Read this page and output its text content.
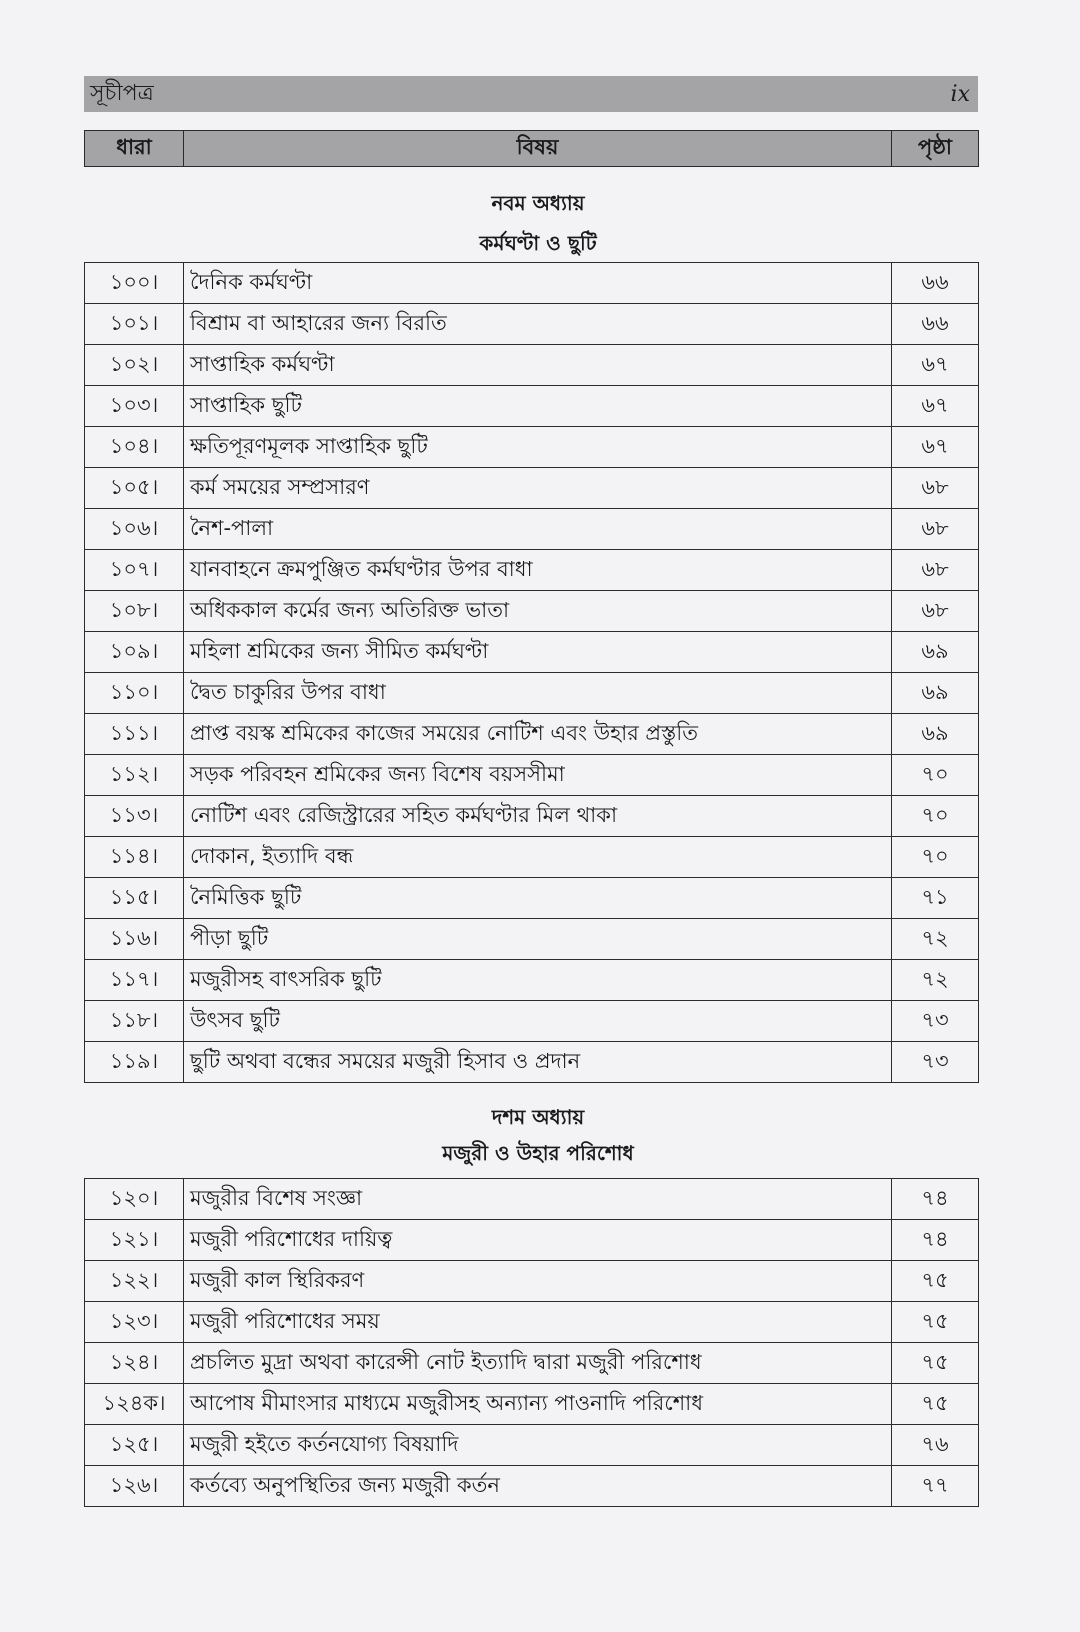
সূচীপত্র	ix
ধারা	বিষয়	পৃষ্ঠা
নবম অধ্যায়
কর্মঘণ্টা ও ছুটি
১০০।	দৈনিক কর্মঘণ্টা	৬৬
১০১।	বিশ্রাম বা আহারের জন্য বিরতি	৬৬
১০২।	সাপ্তাহিক কর্মঘণ্টা	৬৭
১০৩।	সাপ্তাহিক ছুটি	৬৭
১০৪।	ক্ষতিপূরণমূলক সাপ্তাহিক ছুটি	৬৭
১০৫।	কর্ম সময়ের সম্প্রসারণ	৬৮
১০৬।	নৈশ-পালা	৬৮
১০৭।	যানবাহনে ক্রমপুঞ্জিত কর্মঘণ্টার উপর বাধা	৬৮
১০৮।	অধিককাল কর্মের জন্য অতিরিক্ত ভাতা	৬৮
১০৯।	মহিলা শ্রমিকের জন্য সীমিত কর্মঘণ্টা	৬৯
১১০।	দ্বৈত চাকুরির উপর বাধা	৬৯
১১১।	প্রাপ্ত বয়স্ক শ্রমিকের কাজের সময়ের নোটিশ এবং উহার প্রস্তুতি	৬৯
১১২।	সড়ক পরিবহন শ্রমিকের জন্য বিশেষ বয়সসীমা	৭০
১১৩।	নোটিশ এবং রেজিস্ট্রারের সহিত কর্মঘণ্টার মিল থাকা	৭০
১১৪।	দোকান, ইত্যাদি বন্ধ	৭০
১১৫।	নৈমিত্তিক ছুটি	৭১
১১৬।	পীড়া ছুটি	৭২
১১৭।	মজুরীসহ বাৎসরিক ছুটি	৭২
১১৮।	উৎসব ছুটি	৭৩
১১৯।	ছুটি অথবা বন্ধের সময়ের মজুরী হিসাব ও প্রদান	৭৩
দশম অধ্যায়
মজুরী ও উহার পরিশোধ
১২০।	মজুরীর বিশেষ সংজ্ঞা	৭৪
১২১।	মজুরী পরিশোধের দায়িত্ব	৭৪
১২২।	মজুরী কাল স্থিরিকরণ	৭৫
১২৩।	মজুরী পরিশোধের সময়	৭৫
১২৪।	প্রচলিত মুদ্রা অথবা কারেন্সী নোট ইত্যাদি দ্বারা মজুরী পরিশোধ	৭৫
১২৪ক।	আপোষ মীমাংসার মাধ্যমে মজুরীসহ অন্যান্য পাওনাদি পরিশোধ	৭৫
১২৫।	মজুরী হইতে কর্তনযোগ্য বিষয়াদি	৭৬
১২৬।	কর্তব্যে অনুপস্থিতির জন্য মজুরী কর্তন	৭৭
